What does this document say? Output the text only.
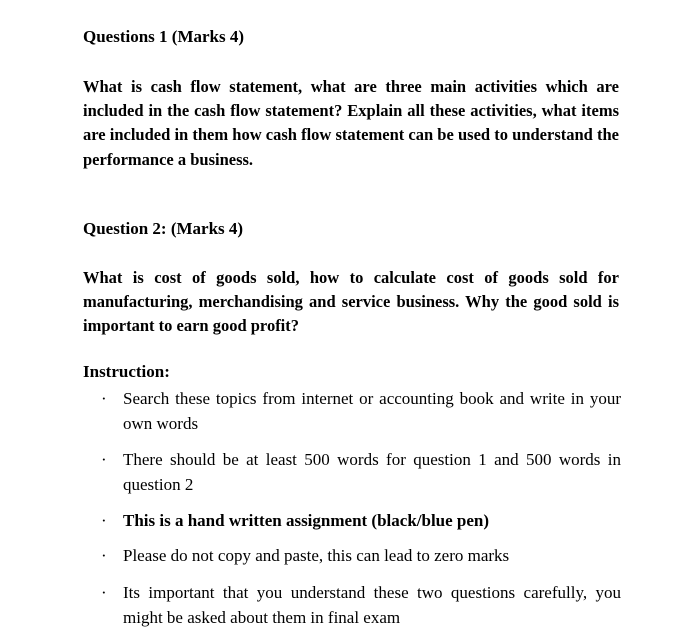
Questions 1 (Marks 4)
What is cash flow statement, what are three main activities which are included in the cash flow statement? Explain all these activities, what items are included in them how cash flow statement can be used to understand the performance a business.
Question 2: (Marks 4)
What is cost of goods sold, how to calculate cost of goods sold for manufacturing, merchandising and service business. Why the good sold is important to earn good profit?
Instruction:
· Search these topics from internet or accounting book and write in your own words
· There should be at least 500 words for question 1 and 500 words in question 2
· This is a hand written assignment (black/blue pen)
· Please do not copy and paste, this can lead to zero marks
· Its important that you understand these two questions carefully, you might be asked about them in final exam
